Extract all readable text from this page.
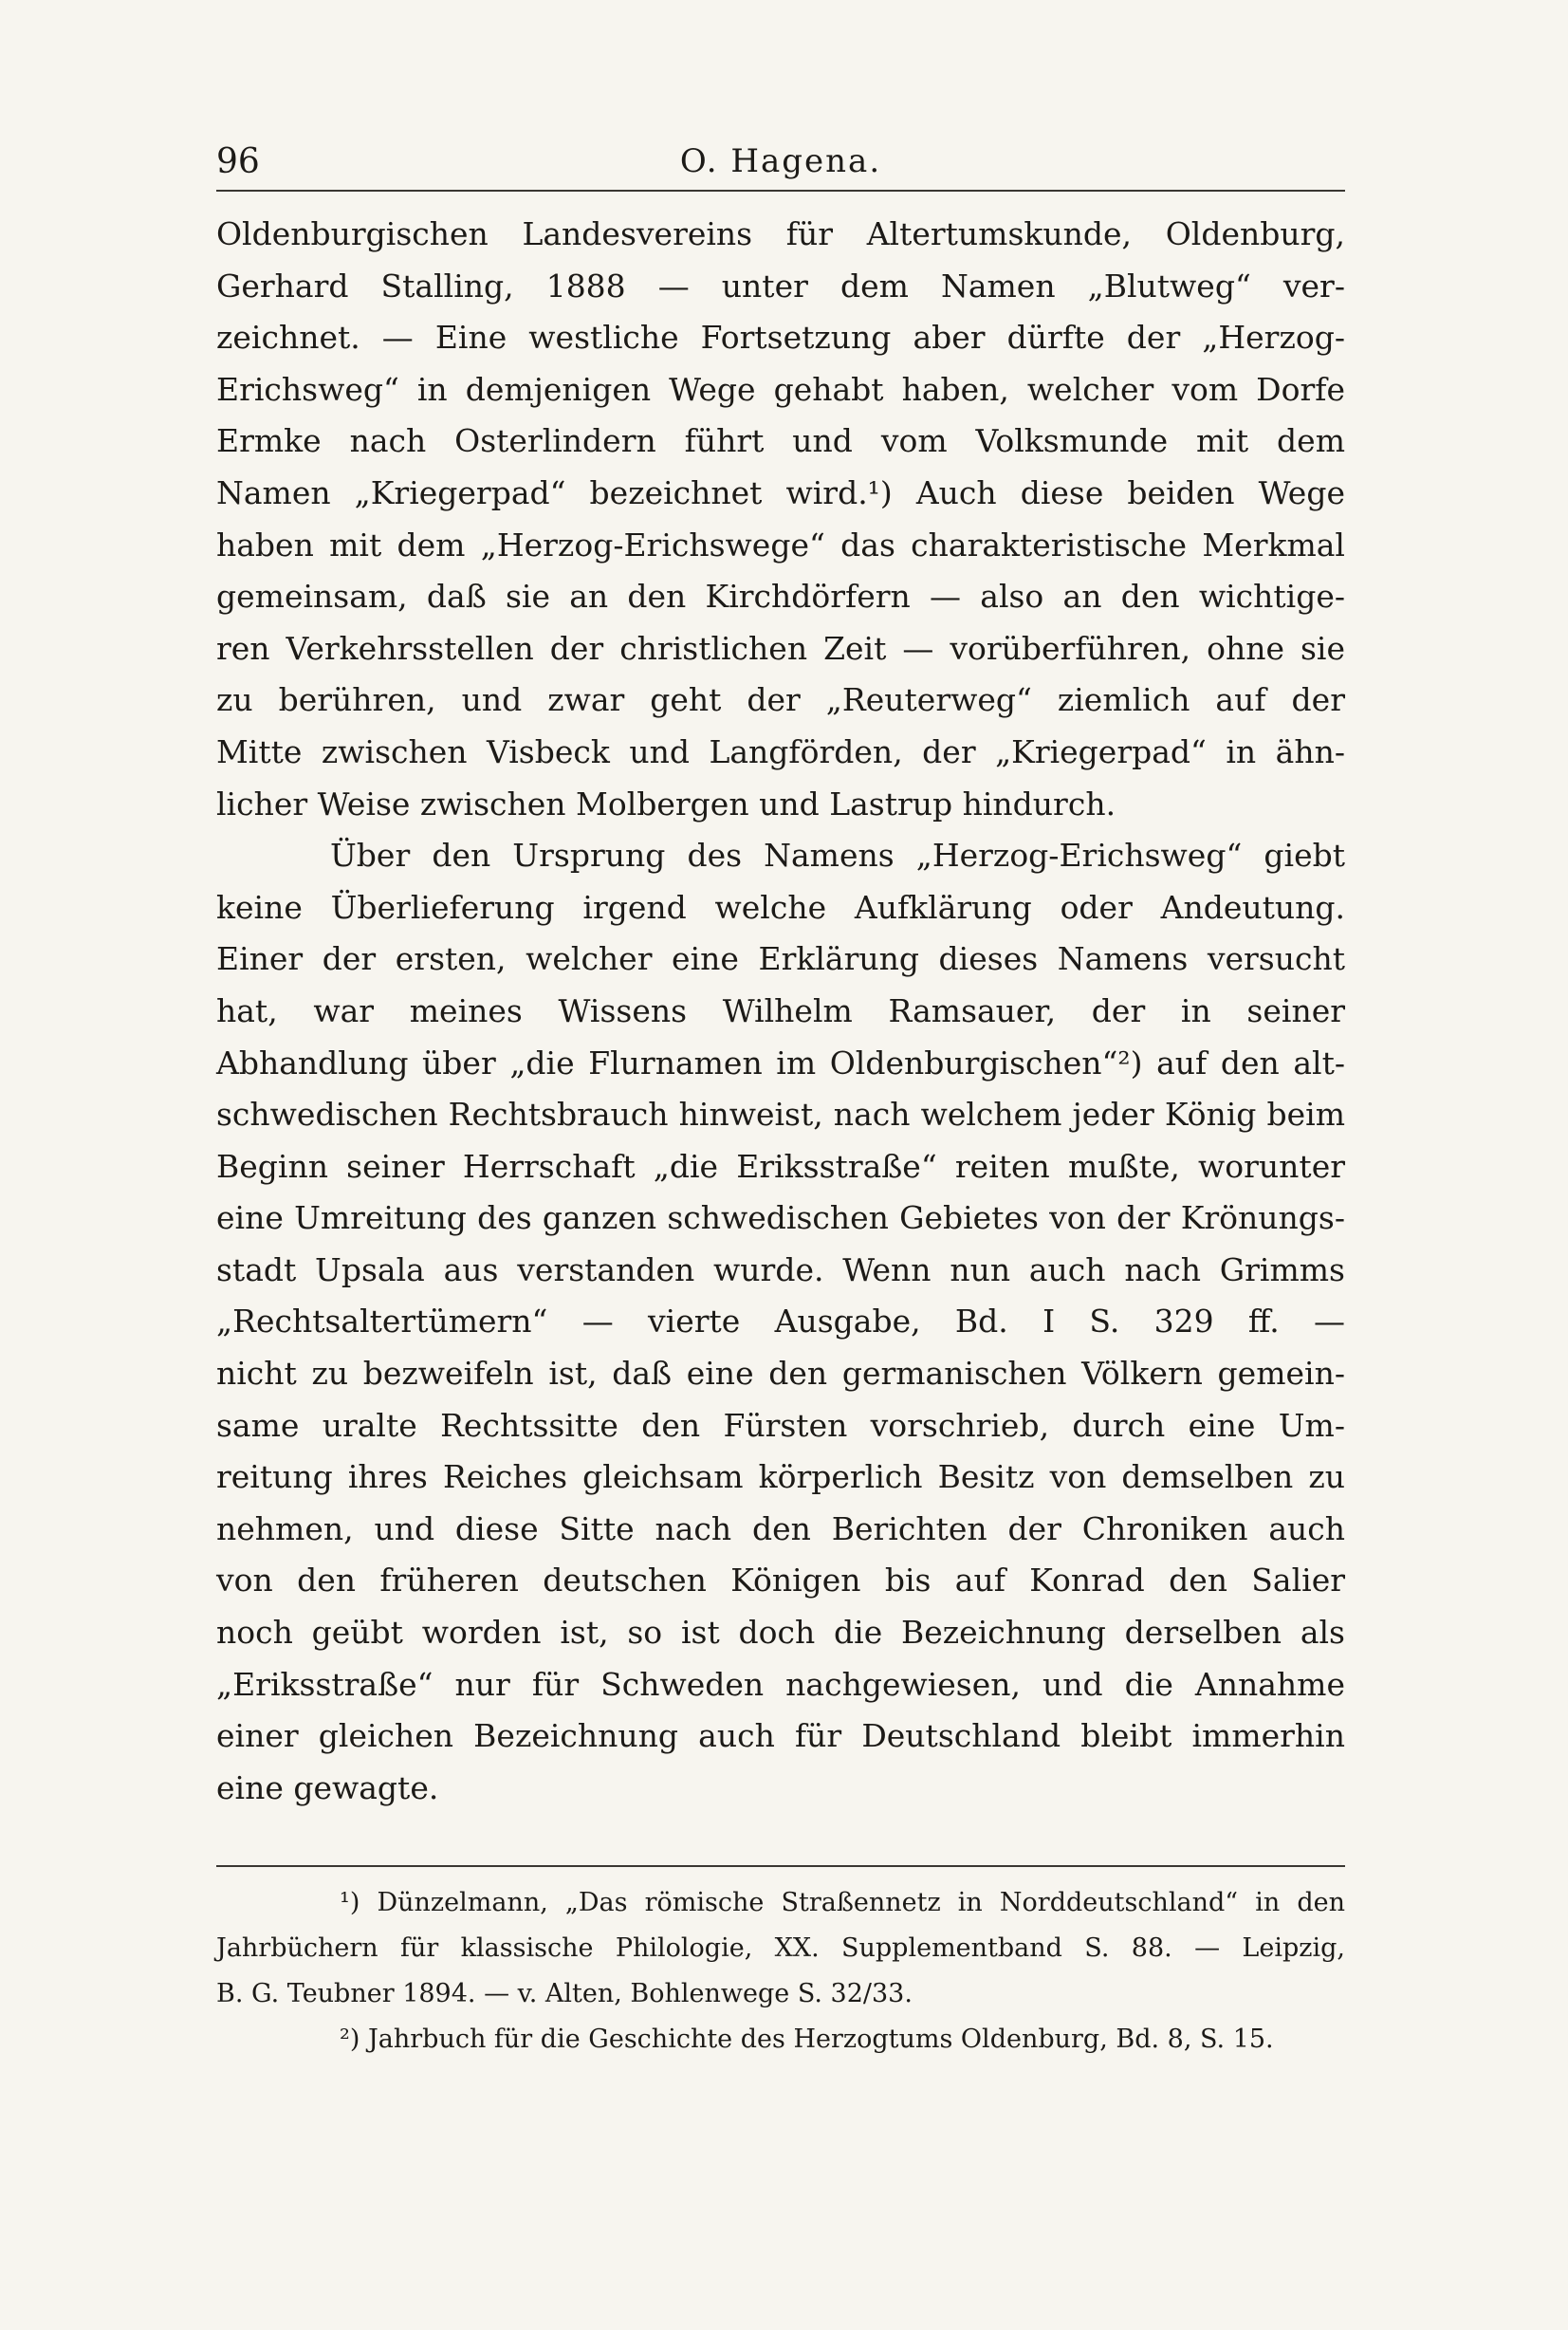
96	O. Hagena.
Oldenburgischen Landesvereins für Altertumskunde, Oldenburg,
Gerhard Stalling, 1888 — unter dem Namen „Blutweg“ ver-
zeichnet. — Eine westliche Fortsetzung aber dürfte der „Herzog-
Erichsweg“ in demjenigen Wege gehabt haben, welcher vom Dorfe
Ermke nach Osterlindern führt und vom Volksmunde mit dem
Namen „Kriegerpad“ bezeichnet wird.¹) Auch diese beiden Wege
haben mit dem „Herzog-Erichswege“ das charakteristische Merkmal
gemeinsam, daß sie an den Kirchdörfern — also an den wichtige-
ren Verkehrsstellen der christlichen Zeit — vorüberführen, ohne sie
zu berühren, und zwar geht der „Reuterweg“ ziemlich auf der
Mitte zwischen Visbeck und Langförden, der „Kriegerpad“ in ähn-
licher Weise zwischen Molbergen und Lastrup hindurch.
Über den Ursprung des Namens „Herzog-Erichsweg“ giebt
keine Überlieferung irgend welche Aufklärung oder Andeutung.
Einer der ersten, welcher eine Erklärung dieses Namens versucht
hat, war meines Wissens Wilhelm Ramsauer, der in seiner
Abhandlung über „die Flurnamen im Oldenburgischen“²) auf den alt-
schwedischen Rechtsbrauch hinweist, nach welchem jeder König beim
Beginn seiner Herrschaft „die Eriksstraße“ reiten mußte, worunter
eine Umreitung des ganzen schwedischen Gebietes von der Krönungs-
stadt Upsala aus verstanden wurde. Wenn nun auch nach Grimms
„Rechtsaltertümern“ — vierte Ausgabe, Bd. I S. 329 ff. —
nicht zu bezweifeln ist, daß eine den germanischen Völkern gemein-
same uralte Rechtssitte den Fürsten vorschrieb, durch eine Um-
reitung ihres Reiches gleichsam körperlich Besitz von demselben zu
nehmen, und diese Sitte nach den Berichten der Chroniken auch
von den früheren deutschen Königen bis auf Konrad den Salier
noch geübt worden ist, so ist doch die Bezeichnung derselben als
„Eriksstraße“ nur für Schweden nachgewiesen, und die Annahme
einer gleichen Bezeichnung auch für Deutschland bleibt immerhin
eine gewagte.
¹) Dünzelmann, „Das römische Straßennetz in Norddeutschland“ in den
Jahrbüchern für klassische Philologie, XX. Supplementband S. 88. — Leipzig,
B. G. Teubner 1894. — v. Alten, Bohlenwege S. 32/33.
²) Jahrbuch für die Geschichte des Herzogtums Oldenburg, Bd. 8, S. 15.
